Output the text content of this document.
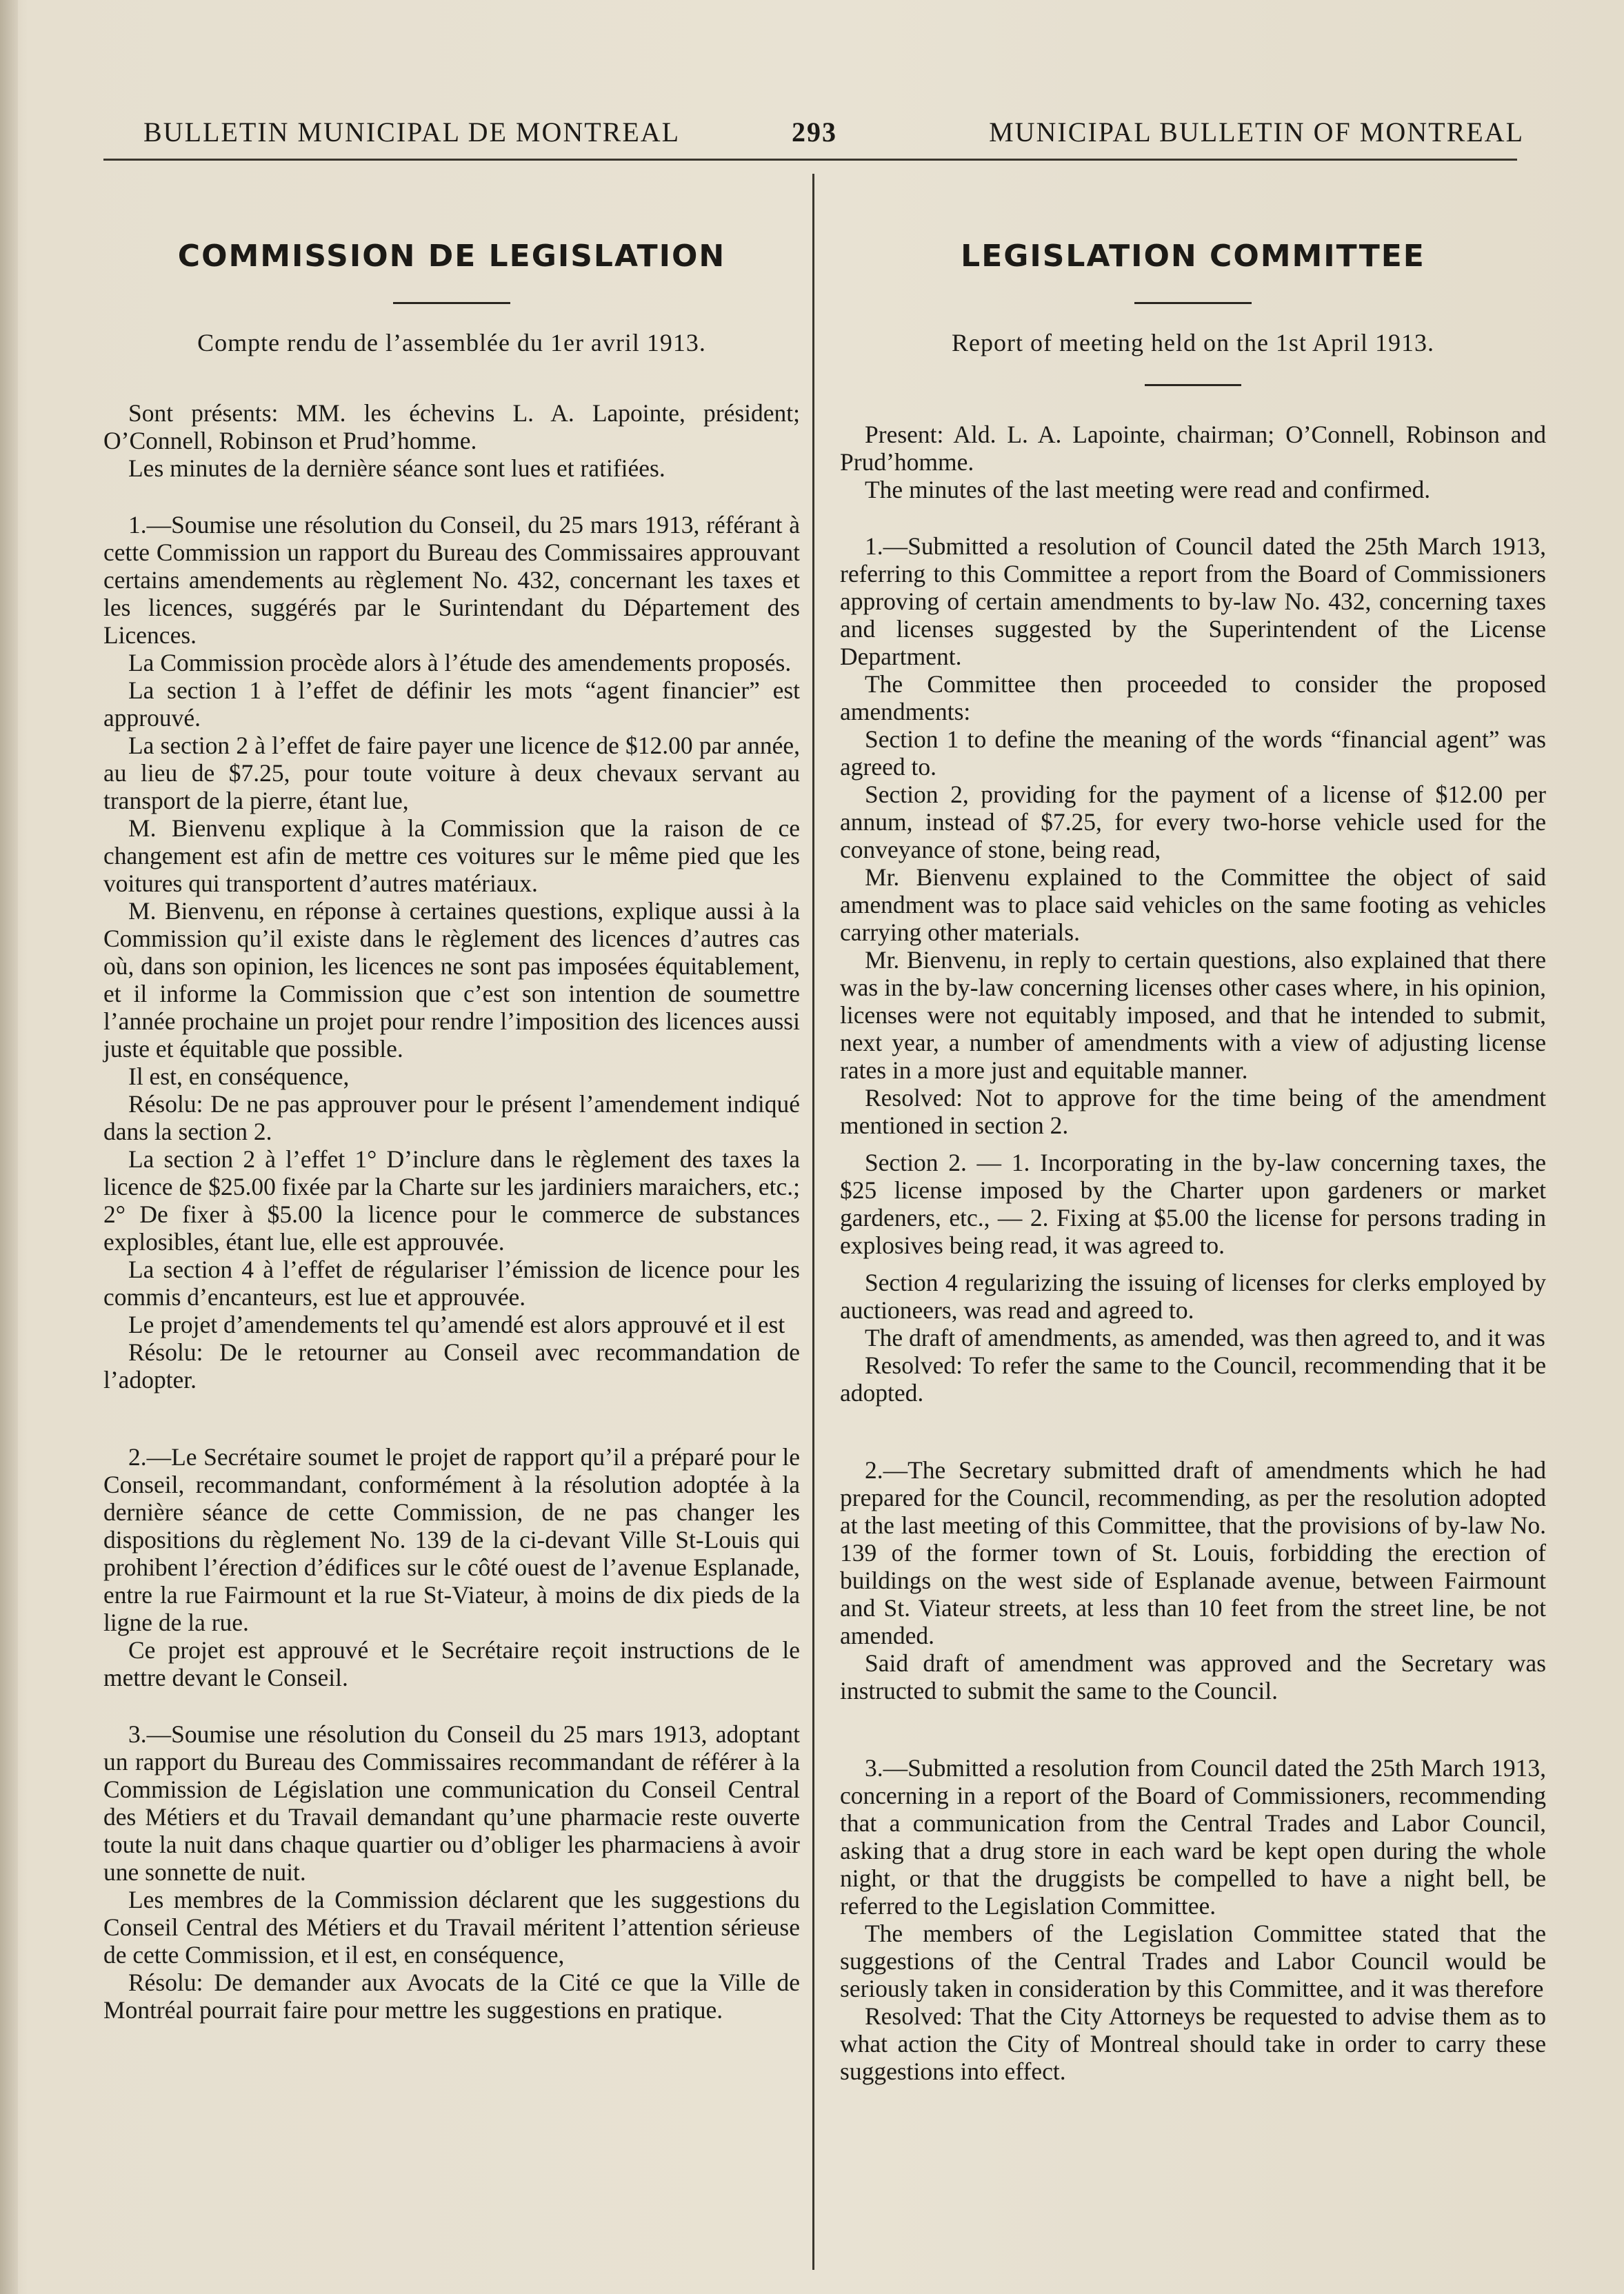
BULLETIN MUNICIPAL DE MONTREAL	293	MUNICIPAL BULLETIN OF MONTREAL
COMMISSION DE LEGISLATION
Compte rendu de l’assemblée du 1er avril 1913.

Sont présents: MM. les échevins L. A. Lapointe, président; O’Connell, Robinson et Prud’homme.

Les minutes de la dernière séance sont lues et ratifiées.

1.—Soumise une résolution du Conseil, du 25 mars 1913, référant à cette Commission un rapport du Bureau des Commissaires approuvant certains amendements au règlement No. 432, concernant les taxes et les licences, suggérés par le Surintendant du Département des Licences.

La Commission procède alors à l’étude des amendements proposés.

La section 1 à l’effet de définir les mots “agent financier” est approuvé.

La section 2 à l’effet de faire payer une licence de $12.00 par année, au lieu de $7.25, pour toute voiture à deux chevaux servant au transport de la pierre, étant lue,

M. Bienvenu explique à la Commission que la raison de ce changement est afin de mettre ces voitures sur le même pied que les voitures qui transportent d’autres matériaux.

M. Bienvenu, en réponse à certaines questions, explique aussi à la Commission qu’il existe dans le règlement des licences d’autres cas où, dans son opinion, les licences ne sont pas imposées équitablement, et il informe la Commission que c’est son intention de soumettre l’année prochaine un projet pour rendre l’imposition des licences aussi juste et équitable que possible.

Il est, en conséquence,

Résolu: De ne pas approuver pour le présent l’amendement indiqué dans la section 2.

La section 2 à l’effet 1° D’inclure dans le règlement des taxes la licence de $25.00 fixée par la Charte sur les jardiniers maraichers, etc.; 2° De fixer à $5.00 la licence pour le commerce de substances explosibles, étant lue, elle est approuvée.

La section 4 à l’effet de régulariser l’émission de licence pour les commis d’encanteurs, est lue et approuvée.

Le projet d’amendements tel qu’amendé est alors approuvé et il est

Résolu: De le retourner au Conseil avec recommandation de l’adopter.

2.—Le Secrétaire soumet le projet de rapport qu’il a préparé pour le Conseil, recommandant, conformément à la résolution adoptée à la dernière séance de cette Commission, de ne pas changer les dispositions du règlement No. 139 de la ci-devant Ville St-Louis qui prohibent l’érection d’édifices sur le côté ouest de l’avenue Esplanade, entre la rue Fairmount et la rue St-Viateur, à moins de dix pieds de la ligne de la rue.

Ce projet est approuvé et le Secrétaire reçoit instructions de le mettre devant le Conseil.

3.—Soumise une résolution du Conseil du 25 mars 1913, adoptant un rapport du Bureau des Commissaires recommandant de référer à la Commission de Législation une communication du Conseil Central des Métiers et du Travail demandant qu’une pharmacie reste ouverte toute la nuit dans chaque quartier ou d’obliger les pharmaciens à avoir une sonnette de nuit.

Les membres de la Commission déclarent que les suggestions du Conseil Central des Métiers et du Travail méritent l’attention sérieuse de cette Commission, et il est, en conséquence,

Résolu: De demander aux Avocats de la Cité ce que la Ville de Montréal pourrait faire pour mettre les suggestions en pratique.

LEGISLATION COMMITTEE
Report of meeting held on the 1st April 1913.

Present: Ald. L. A. Lapointe, chairman; O’Connell, Robinson and Prud’homme.

The minutes of the last meeting were read and confirmed.

1.—Submitted a resolution of Council dated the 25th March 1913, referring to this Committee a report from the Board of Commissioners approving of certain amendments to by-law No. 432, concerning taxes and licenses suggested by the Superintendent of the License Department.

The Committee then proceeded to consider the proposed amendments:

Section 1 to define the meaning of the words “financial agent” was agreed to.

Section 2, providing for the payment of a license of $12.00 per annum, instead of $7.25, for every two-horse vehicle used for the conveyance of stone, being read,

Mr. Bienvenu explained to the Committee the object of said amendment was to place said vehicles on the same footing as vehicles carrying other materials.

Mr. Bienvenu, in reply to certain questions, also explained that there was in the by-law concerning licenses other cases where, in his opinion, licenses were not equitably imposed, and that he intended to submit, next year, a number of amendments with a view of adjusting license rates in a more just and equitable manner.

Resolved: Not to approve for the time being of the amendment mentioned in section 2.

Section 2. — 1. Incorporating in the by-law concerning taxes, the $25 license imposed by the Charter upon gardeners or market gardeners, etc., — 2. Fixing at $5.00 the license for persons trading in explosives being read, it was agreed to.

Section 4 regularizing the issuing of licenses for clerks employed by auctioneers, was read and agreed to.

The draft of amendments, as amended, was then agreed to, and it was

Resolved: To refer the same to the Council, recommending that it be adopted.

2.—The Secretary submitted draft of amendments which he had prepared for the Council, recommending, as per the resolution adopted at the last meeting of this Committee, that the provisions of by-law No. 139 of the former town of St. Louis, forbidding the erection of buildings on the west side of Esplanade avenue, between Fairmount and St. Viateur streets, at less than 10 feet from the street line, be not amended.

Said draft of amendment was approved and the Secretary was instructed to submit the same to the Council.

3.—Submitted a resolution from Council dated the 25th March 1913, concerning in a report of the Board of Commissioners, recommending that a communication from the Central Trades and Labor Council, asking that a drug store in each ward be kept open during the whole night, or that the druggists be compelled to have a night bell, be referred to the Legislation Committee.

The members of the Legislation Committee stated that the suggestions of the Central Trades and Labor Council would be seriously taken in consideration by this Committee, and it was therefore

Resolved: That the City Attorneys be requested to advise them as to what action the City of Montreal should take in order to carry these suggestions into effect.
